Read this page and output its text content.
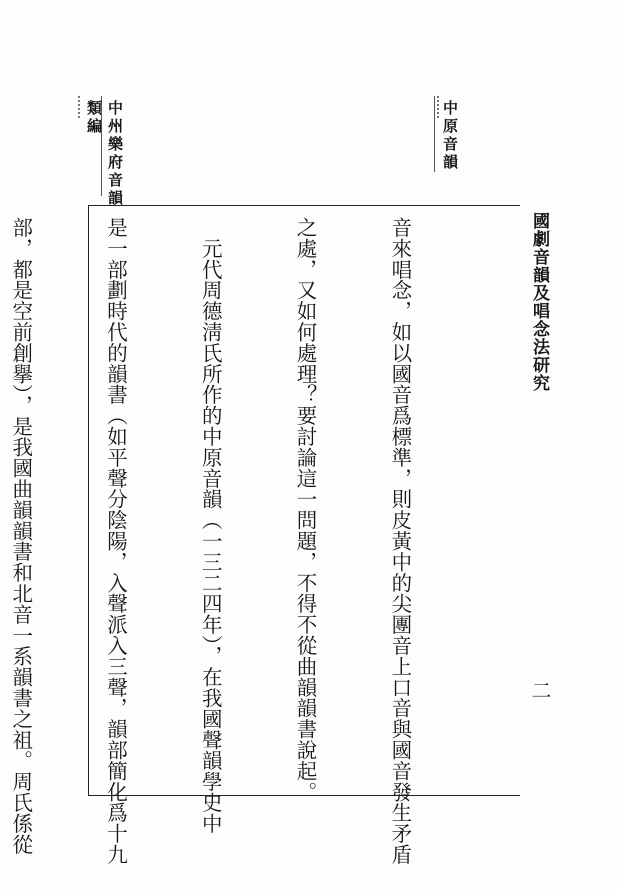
國劇音韻及唱念法研究
二
中原音韻
中州樂府音韻
類編

音來唱念，如以國音爲標準，則皮黃中的尖團音上口音與國音發生矛盾

之處，又如何處理？要討論這一問題，不得不從曲韻韻書說起。

　元代周德淸氏所作的中原音韻（一三二四年），在我國聲韻學史中

是一部劃時代的韻書（如平聲分陰陽，入聲派入三聲，韻部簡化爲十九

部，都是空前創擧），是我國曲韻韻書和北音一系韻書之祖。周氏係從
